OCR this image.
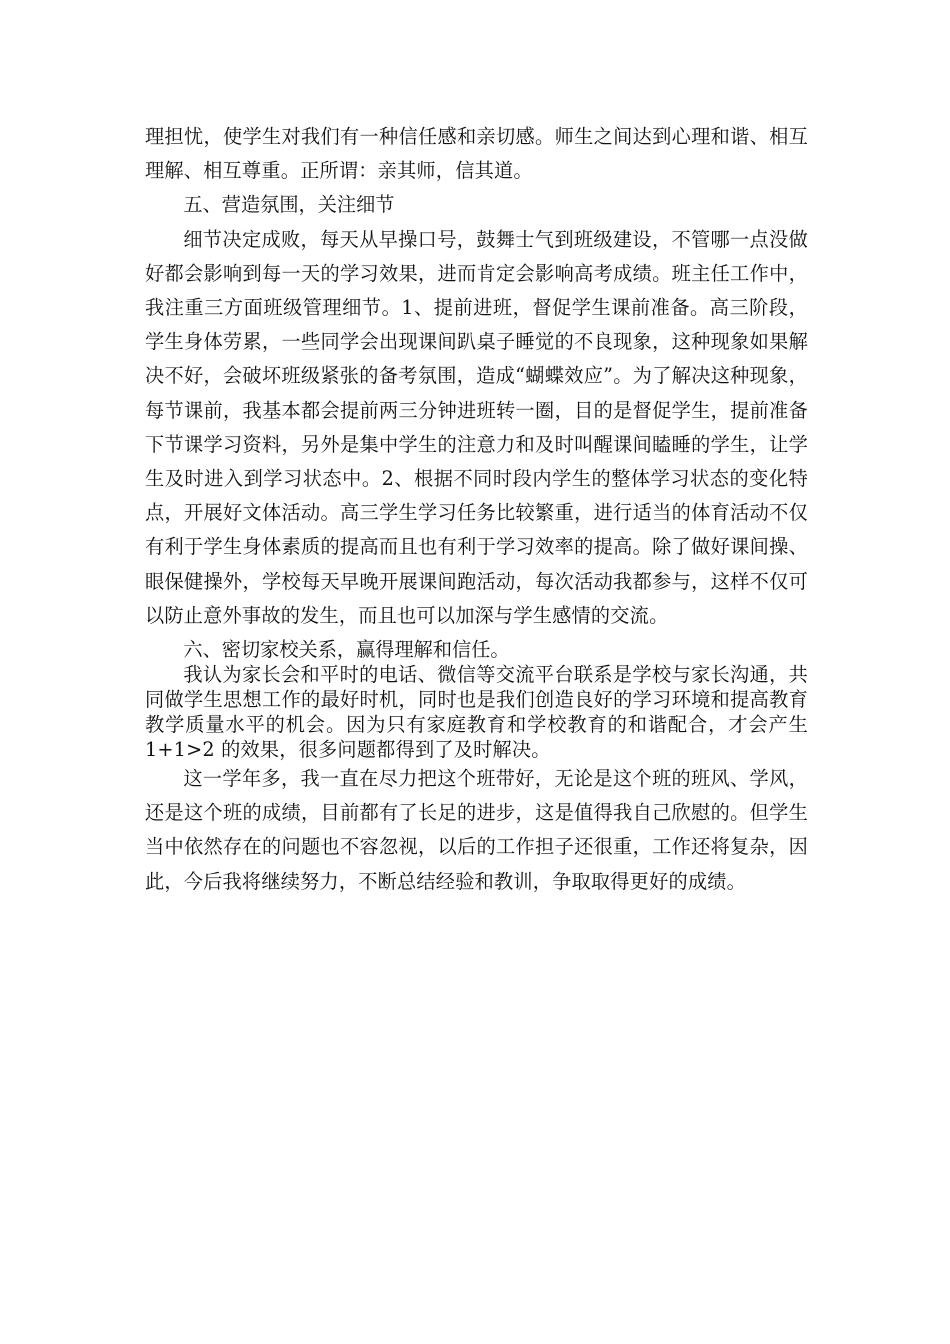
理担忧，使学生对我们有一种信任感和亲切感。师生之间达到心理和谐、相互理解、相互尊重。正所谓：亲其师，信其道。

五、营造氛围，关注细节

细节决定成败，每天从早操口号，鼓舞士气到班级建设，不管哪一点没做好都会影响到每一天的学习效果，进而肯定会影响高考成绩。班主任工作中，我注重三方面班级管理细节。1、提前进班，督促学生课前准备。高三阶段，学生身体劳累，一些同学会出现课间趴桌子睡觉的不良现象，这种现象如果解决不好，会破坏班级紧张的备考氛围，造成“蝴蝶效应”。为了解决这种现象，每节课前，我基本都会提前两三分钟进班转一圈，目的是督促学生，提前准备下节课学习资料，另外是集中学生的注意力和及时叫醒课间瞌睡的学生，让学生及时进入到学习状态中。2、根据不同时段内学生的整体学习状态的变化特点，开展好文体活动。高三学生学习任务比较繁重，进行适当的体育活动不仅有利于学生身体素质的提高而且也有利于学习效率的提高。除了做好课间操、眼保健操外，学校每天早晚开展课间跑活动，每次活动我都参与，这样不仅可以防止意外事故的发生，而且也可以加深与学生感情的交流。

六、密切家校关系，赢得理解和信任。

我认为家长会和平时的电话、微信等交流平台联系是学校与家长沟通，共同做学生思想工作的最好时机，同时也是我们创造良好的学习环境和提高教育教学质量水平的机会。因为只有家庭教育和学校教育的和谐配合，才会产生 1+1>2 的效果，很多问题都得到了及时解决。

这一学年多，我一直在尽力把这个班带好，无论是这个班的班风、学风，还是这个班的成绩，目前都有了长足的进步，这是值得我自己欣慰的。但学生当中依然存在的问题也不容忽视，以后的工作担子还很重，工作还将复杂，因此，今后我将继续努力，不断总结经验和教训，争取取得更好的成绩。
